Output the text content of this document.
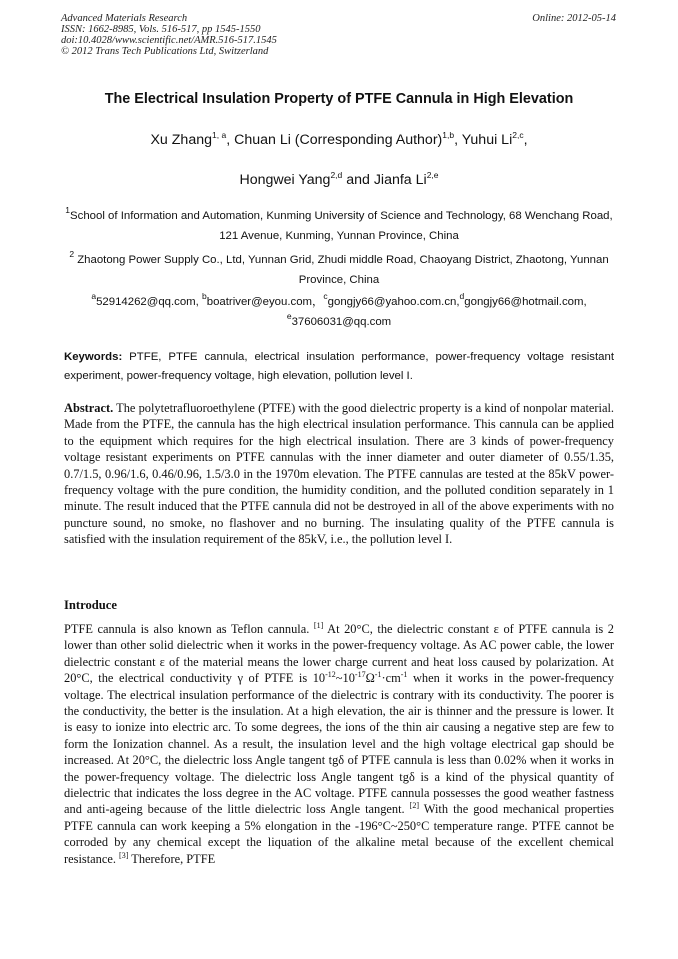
Advanced Materials Research
ISSN: 1662-8985, Vols. 516-517, pp 1545-1550
doi:10.4028/www.scientific.net/AMR.516-517.1545
© 2012 Trans Tech Publications Ltd, Switzerland
Online: 2012-05-14
The Electrical Insulation Property of PTFE Cannula in High Elevation
Xu Zhang$^{1, a}$, Chuan Li (Corresponding Author)$^{1,b}$, Yuhui Li$^{2,c}$,
Hongwei Yang$^{2,d}$ and Jianfa Li$^{2,e}$
$^1$School of Information and Automation, Kunming University of Science and Technology, 68 Wenchang Road, 121 Avenue, Kunming, Yunnan Province, China
$^2$ Zhaotong Power Supply Co., Ltd, Yunnan Grid, Zhudi middle Road, Chaoyang District, Zhaotong, Yunnan Province, China
$^a$52914262@qq.com, $^b$boatriver@eyou.com，$^c$gongjy66@yahoo.com.cn,$^d$gongjy66@hotmail.com,
$^e$37606031@qq.com
Keywords: PTFE, PTFE cannula, electrical insulation performance, power-frequency voltage resistant experiment, power-frequency voltage, high elevation, pollution level I.
Abstract. The polytetrafluoroethylene (PTFE) with the good dielectric property is a kind of nonpolar material. Made from the PTFE, the cannula has the high electrical insulation performance. This cannula can be applied to the equipment which requires for the high electrical insulation. There are 3 kinds of power-frequency voltage resistant experiments on PTFE cannulas with the inner diameter and outer diameter of 0.55/1.35, 0.7/1.5, 0.96/1.6, 0.46/0.96, 1.5/3.0 in the 1970m elevation. The PTFE cannulas are tested at the 85kV power-frequency voltage with the pure condition, the humidity condition, and the polluted condition separately in 1 minute. The result induced that the PTFE cannula did not be destroyed in all of the above experiments with no puncture sound, no smoke, no flashover and no burning. The insulating quality of the PTFE cannula is satisfied with the insulation requirement of the 85kV, i.e., the pollution level I.
Introduce
PTFE cannula is also known as Teflon cannula. [1] At 20°C, the dielectric constant ε of PTFE cannula is 2 lower than other solid dielectric when it works in the power-frequency voltage. As AC power cable, the lower dielectric constant ε of the material means the lower charge current and heat loss caused by polarization. At 20°C, the electrical conductivity γ of PTFE is $10^{-12}\sim 10^{-17}\Omega^{-1}\cdot cm^{-1}$ when it works in the power-frequency voltage. The electrical insulation performance of the dielectric is contrary with its conductivity. The poorer is the conductivity, the better is the insulation. At a high elevation, the air is thinner and the pressure is lower. It is easy to ionize into electric arc. To some degrees, the ions of the thin air causing a negative step are few to form the Ionization channel. As a result, the insulation level and the high voltage electrical gap should be increased. At 20°C, the dielectric loss Angle tangent tgδ of PTFE cannula is less than 0.02% when it works in the power-frequency voltage. The dielectric loss Angle tangent tgδ is a kind of the physical quantity of dielectric that indicates the loss degree in the AC voltage. PTFE cannula possesses the good weather fastness and anti-ageing because of the little dielectric loss Angle tangent. [2] With the good mechanical properties PTFE cannula can work keeping a 5% elongation in the -196°C~250°C temperature range. PTFE cannot be corroded by any chemical except the liquation of the alkaline metal because of the excellent chemical resistance. [3] Therefore, PTFE
